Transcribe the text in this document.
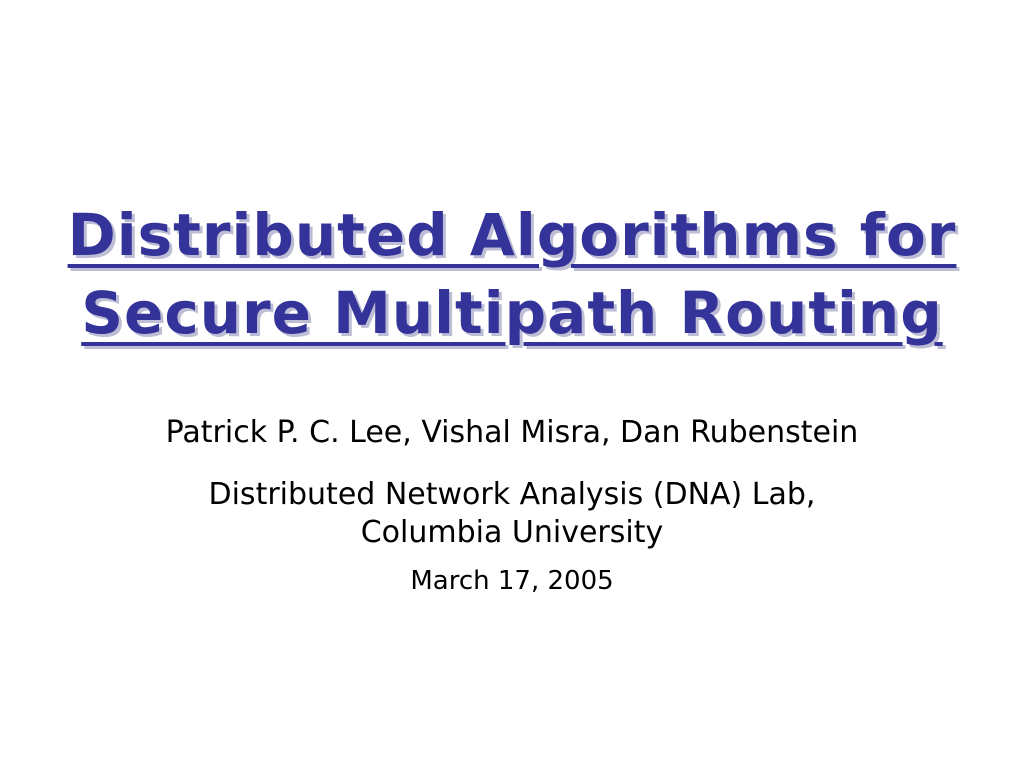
Distributed Algorithms for
Secure Multipath Routing

Patrick P. C. Lee, Vishal Misra, Dan Rubenstein

Distributed Network Analysis (DNA) Lab,
Columbia University

March 17, 2005
